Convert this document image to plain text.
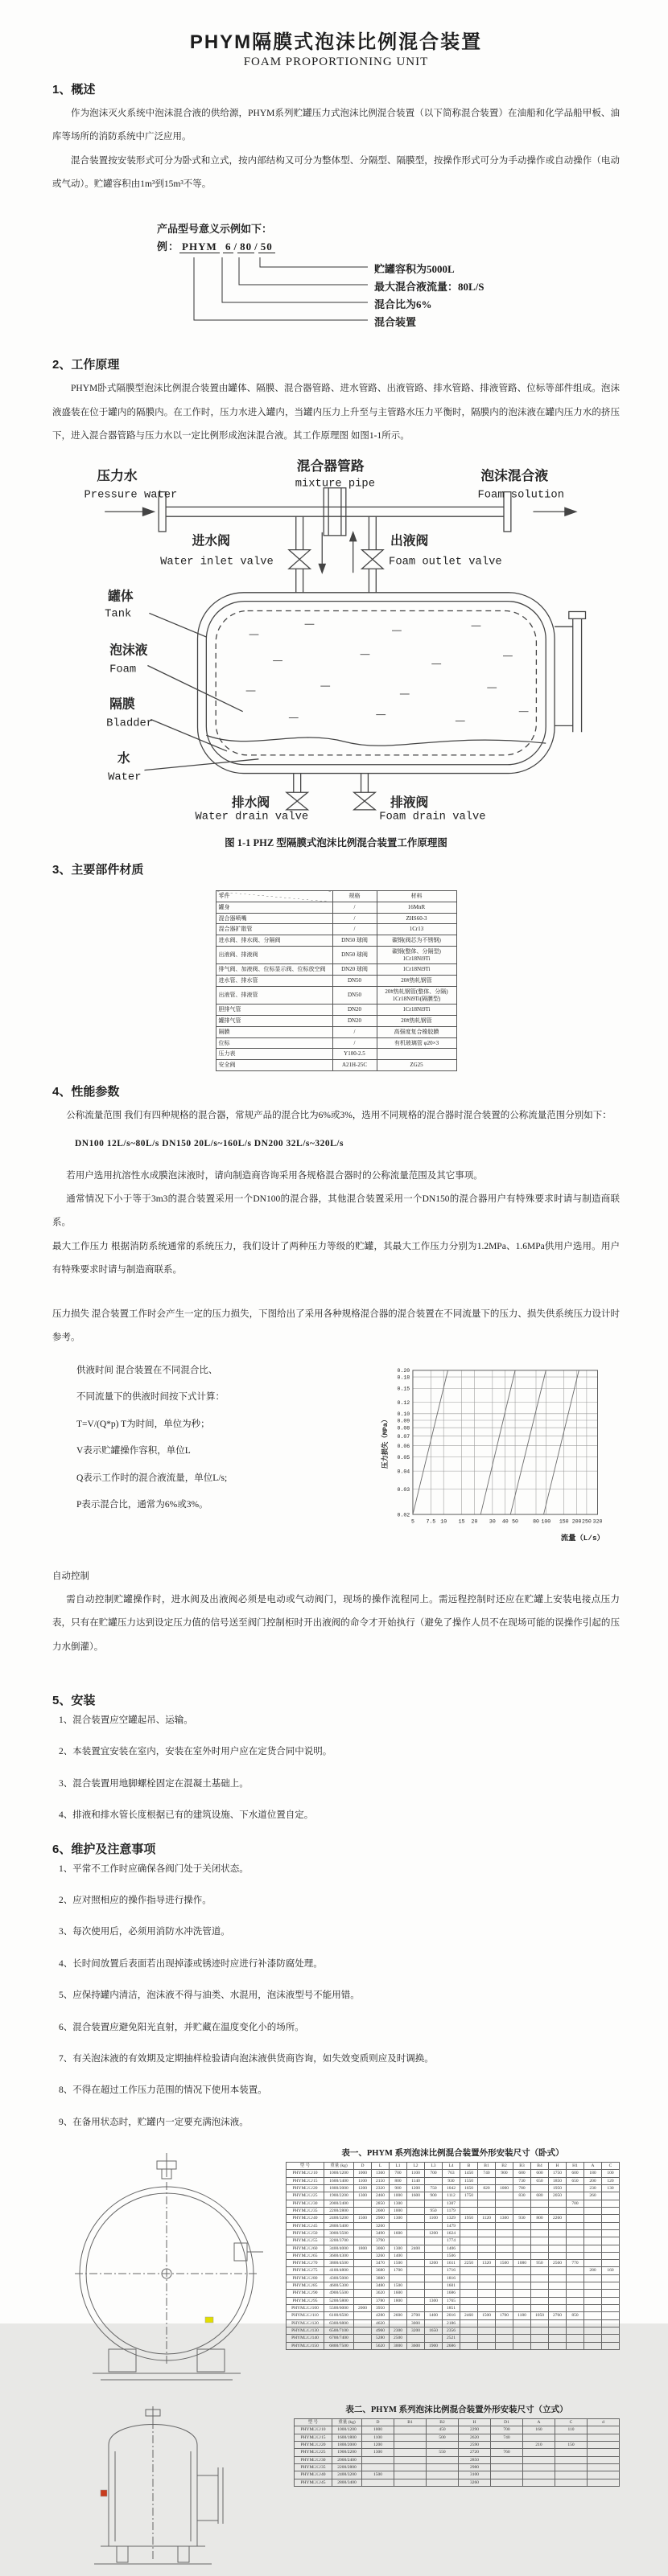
PHYM隔膜式泡沫比例混合装置
FOAM PROPORTIONING UNIT
1、概述

作为泡沫灭火系统中泡沫混合液的供给源，PHYM系列贮罐压力式泡沫比例混合装置（以下简称混合装置）在油船和化学品船甲板、油库等场所的消防系统中广泛应用。

混合装置按安装形式可分为卧式和立式，按内部结构又可分为整体型、分隔型、隔膜型，按操作形式可分为手动操作或自动操作（电动或气动）。贮罐容积由1m³到15m³不等。

产品型号意义示例如下：
例： PHYM 6 / 80 / 50
贮罐容积为5000L
最大混合液流量：80L/S
混合比为6%
混合装置
2、工作原理

PHYM卧式隔膜型泡沫比例混合装置由罐体、隔膜、混合器管路、进水管路、出液管路、排水管路、排液管路、位标等部件组成。泡沫液盛装在位于罐内的隔膜内。在工作时，压力水进入罐内，当罐内压力上升至与主管路水压力平衡时，隔膜内的泡沫液在罐内压力水的挤压下，进入混合器管路与压力水以一定比例形成泡沫混合液。其工作原理图 如图1-1所示。

压力水
Pressure water
混合器管路
mixture pipe
泡沫混合液
Foam solution
进水阀
Water inlet valve
出液阀
Foam outlet valve
罐体
Tank
泡沫液
Foam
隔膜
Bladder
水
Water
排水阀
Water drain valve
排液阀
Foam drain valve
图 1-1 PHZ 型隔膜式泡沫比例混合装置工作原理图
3、主要部件材质
零件	规格	材料
罐身	/	16MnR
混合器喷嘴	/	ZHS60-3
混合器扩散管	/	1Cr13
进水阀、排水阀、分隔阀	DN50 球阀	碳钢(阀芯为不锈钢)
出液阀、排液阀	DN50 球阀	碳钢(整体、分隔型) 1Cr18Ni9Ti
排气阀、加液阀、位标显示阀、位标放空阀	DN20 球阀	1Cr18Ni9Ti
进水管、排水管	DN50	20#热轧钢管
出液管、排液管	DN50	20#热轧钢管(整体、分隔) 1Cr18Ni9Ti(隔膜型)
胆排气管	DN20	1Cr18Ni9Ti
罐排气管	DN20	20#热轧钢管
隔膜	/	高强度复合橡胶膜
位标	/	有机玻璃管 φ20×3
压力表	Y100-2.5	
安全阀	A21H-25C	ZG25
4、性能参数

公称流量范围 我们有四种规格的混合器，常规产品的混合比为6%或3%，选用不同规格的混合器时混合装置的公称流量范围分别如下：

DN100 12L/s~80L/s DN150 20L/s~160L/s DN200 32L/s~320L/s

若用户选用抗溶性水成膜泡沫液时，请向制造商咨询采用各规格混合器时的公称流量范围及其它事项。

通常情况下小于等于3m3的混合装置采用一个DN100的混合器，其他混合装置采用一个DN150的混合器用户有特殊要求时请与制造商联系。

最大工作压力 根据消防系统通常的系统压力，我们设计了两种压力等级的贮罐，其最大工作压力分别为1.2MPa、1.6MPa供用户选用。用户有特殊要求时请与制造商联系。

压力损失 混合装置工作时会产生一定的压力损失，下图给出了采用各种规格混合器的混合装置在不同流量下的压力、损失供系统压力设计时参考。

供液时间 混合装置在不同混合比、
不同流量下的供液时间按下式计算：
T=V/(Q*p) T为时间，单位为秒；
V表示贮罐操作容积，单位L
Q表示工作时的混合液流量，单位L/s;
P表示混合比，通常为6%或3%。
0.02
0.03
0.04
0.05
0.06
0.07
0.08
0.09
0.10
0.12
0.15
0.18
0.20
5 7.5 10 15 20 30 40 50	80 100 150 200 250 320
压力损失（MPa）
流量（L/s）

自动控制

需自动控制贮罐操作时，进水阀及出液阀必须是电动或气动阀门，现场的操作流程同上。需远程控制时还应在贮罐上安装电接点压力表，只有在贮罐压力达到设定压力值的信号送至阀门控制柜时开出液阀的命令才开始执行（避免了操作人员不在现场可能的误操作引起的压力水倒灌）。

5、安装
1、混合装置应空罐起吊、运输。
2、本装置宜安装在室内，安装在室外时用户应在定货合同中说明。
3、混合装置用地脚螺栓固定在混凝土基础上。
4、排液和排水管长度根据已有的建筑设施、下水道位置自定。
6、维护及注意事项
1、平常不工作时应确保各阀门处于关闭状态。
2、应对照相应的操作指导进行操作。
3、每次使用后，必须用消防水冲洗管道。
4、长时间放置后表面若出现掉漆或锈迹时应进行补漆防腐处理。
5、应保持罐内清洁，泡沫液不得与油类、水混用，泡沫液型号不能用错。
6、混合装置应避免阳光直射，并贮藏在温度变化小的场所。
7、有关泡沫液的有效期及定期抽样检验请向泡沫液供货商咨询，如失效变质则应及时调换。
8、不得在超过工作压力范围的情况下使用本装置。
9、在备用状态时，贮罐内一定要充满泡沫液。
表一、PHYM 系列泡沫比例混合装置外形安装尺寸（卧式）
型 号	重量 (kg)	D	L	L1	L2	L3	L4	B	B1	B2	B3	B4	H	H1	A	C
PHYM□/□/10	1000/1200	1000	1360	700	1100	700	763	1450	740	900	680	600	1750	600	180	100
PHYM□/□/15	1600/1400	1100	2150	800	1140		930	1550			730	650	1850	650	200	120
PHYM□/□/20	1800/2000	1200	2320	900	1200	750	1042	1650	820	1000	780		1950		230	130
PHYM□/□/25	1900/2200	1300	2460	1000	1600	900	1112	1750			830	680	2050		260	
PHYM□/□/30	2000/2400		2850	1300			1307							700		
PHYM□/□/35	2200/2800		2600	1000		950	1179									
PHYM□/□/40	2400/3200	1500	2900	1300		1100	1329	1950	1120	1300	930	800	2260			
PHYM□/□/45	2800/3400		3200				1479									
PHYM□/□/50	3000/3500		3490	1600		1200	1624									
PHYM□/□/55	3200/3700		3790				1774									
PHYM□/□/60	3400/4000	1800	3060	1300	2400		1406									
PHYM□/□/65	3600/4300		3260	1400			1506									
PHYM□/□/70	3800/4500		3470	1500		1200	1611	2250	1320	1500	1080	950	2560	770		
PHYM□/□/75	4100/4800		3680	1700			1716								280	160
PHYM□/□/80	4300/5000		3880				1816									
PHYM□/□/85	4600/5300		3480	1500			1601									
PHYM□/□/90	4900/5500		3620	1600			1686									
PHYM□/□/95	5200/5800		3780	1800		1300	1765									
PHYM□/□/100	5500/6000	2000	3950				1851									
PHYM□/□/110	6100/6500		4280	2600	2700	1400	2016	2460	1500	1700	1180	1050	2760	850		
PHYM□/□/120	6300/6800		4620		3000		2186									
PHYM□/□/130	6500/7100		4960	2300	3200	1650	2356									
PHYM□/□/140	6700/7400		5280	2500			2521									
PHYM□/□/150	6800/7500		5620	3000	3600	1900	2686									
表二、PHYM 系列泡沫比例混合装置外形安装尺寸（立式）
型 号	重量 (kg)	D	B1	B2	H	D1	A	C	d
PHYM□/□/10	1000/1200	1000		450	2290	700	160	110	
PHYM□/□/15	1600/1800	1100		500	2620	740			
PHYM□/□/20	1800/2000	1200			2590		210	150	
PHYM□/□/25	1900/2200	1300		550	2720	760			
PHYM□/□/30	2000/2400				2850				
PHYM□/□/35	2200/2800				2980				
PHYM□/□/40	2400/3200	1500			3100				
PHYM□/□/45	2800/3400				3260				
